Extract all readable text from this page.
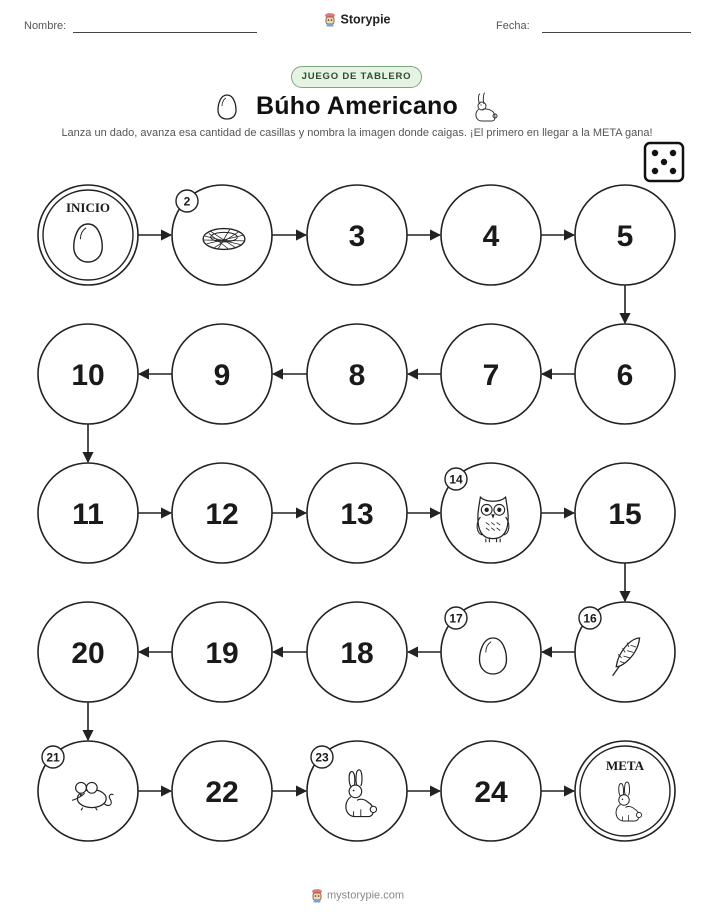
Nombre:	Storypie	Fecha:
JUEGO DE TABLERO
Búho Americano
Lanza un dado, avanza esa cantidad de casillas y nombra la imagen donde caigas. ¡El primero en llegar a la META gana!
INICIO	2
3	4	5
6
7
8
9
10
11	12	13
14
15
16
17
18
19
20
21
22
23
24
META
mystorypie.com
